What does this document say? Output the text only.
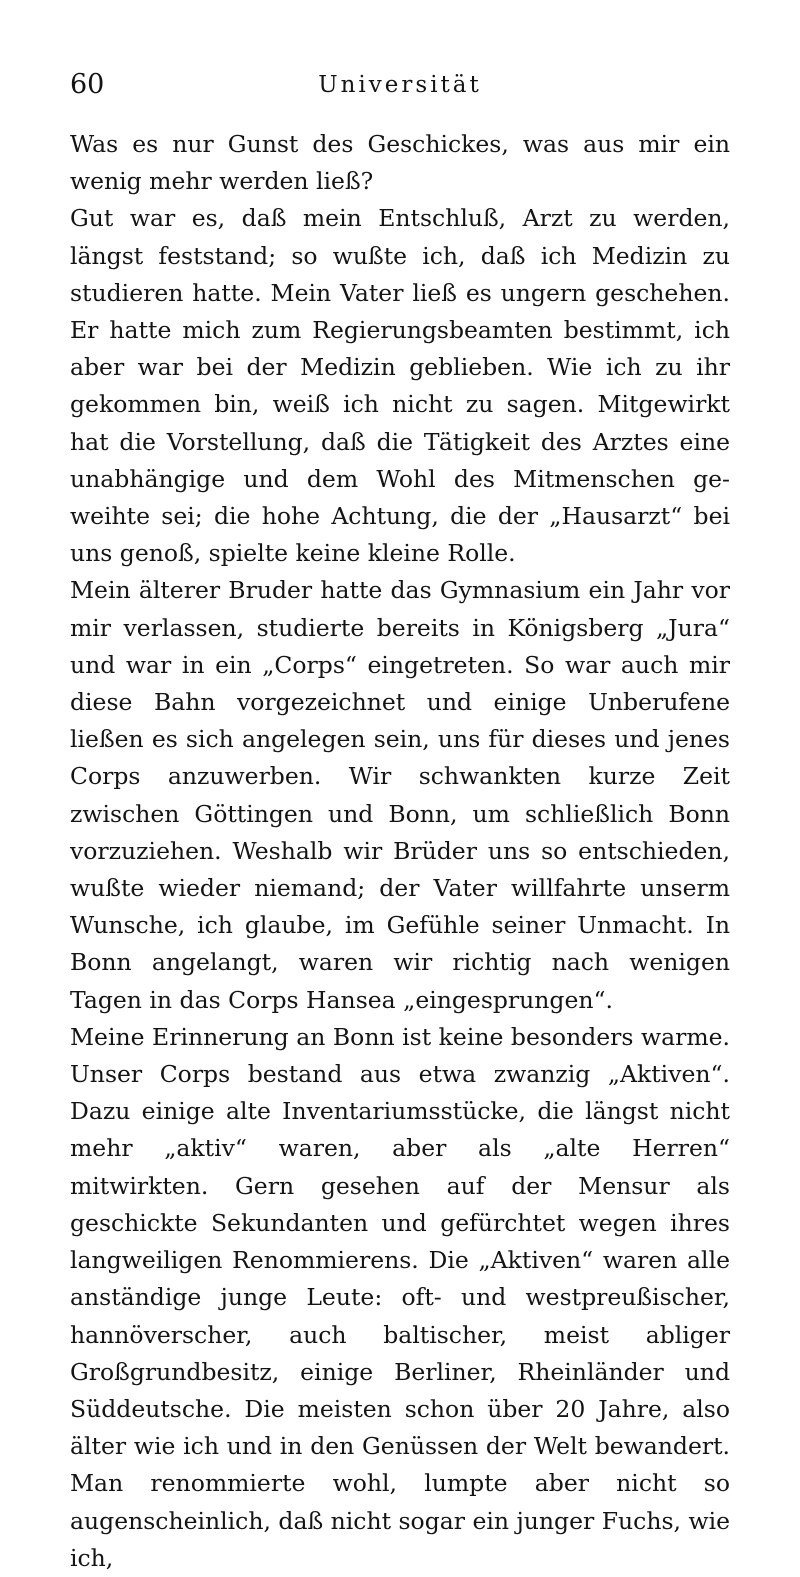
60	Universität

Was es nur Gunst des Geschickes, was aus mir ein wenig mehr werden ließ?

Gut war es, daß mein Entschluß, Arzt zu werden, längst feststand; so wußte ich, daß ich Medizin zu studieren hatte. Mein Vater ließ es ungern geschehen. Er hatte mich zum Regierungsbeamten bestimmt, ich aber war bei der Medizin geblieben. Wie ich zu ihr gekommen bin, weiß ich nicht zu sagen. Mitgewirkt hat die Vorstellung, daß die Tätigkeit des Arztes eine unabhängige und dem Wohl des Mitmenschen geweihte sei; die hohe Achtung, die der „Hausarzt“ bei uns genoß, spielte keine kleine Rolle.

Mein älterer Bruder hatte das Gymnasium ein Jahr vor mir verlassen, studierte bereits in Königsberg „Jura“ und war in ein „Corps“ eingetreten. So war auch mir diese Bahn vorgezeichnet und einige Unberufene ließen es sich angelegen sein, uns für dieses und jenes Corps anzuwerben. Wir schwankten kurze Zeit zwischen Göttingen und Bonn, um schließlich Bonn vorzuziehen. Weshalb wir Brüder uns so entschieden, wußte wieder niemand; der Vater willfahrte unserm Wunsche, ich glaube, im Gefühle seiner Unmacht. In Bonn angelangt, waren wir richtig nach wenigen Tagen in das Corps Hansea „eingesprungen“.

Meine Erinnerung an Bonn ist keine besonders warme. Unser Corps bestand aus etwa zwanzig „Aktiven“. Dazu einige alte Inventariumsstücke, die längst nicht mehr „aktiv“ waren, aber als „alte Herren“ mitwirkten. Gern gesehen auf der Mensur als geschickte Sekundanten und gefürchtet wegen ihres langweiligen Renommierens. Die „Aktiven“ waren alle anständige junge Leute: oft- und westpreußischer, hannöverscher, auch baltischer, meist abliger Großgrundbesitz, einige Berliner, Rheinländer und Süddeutsche. Die meisten schon über 20 Jahre, also älter wie ich und in den Genüssen der Welt bewandert. Man renommierte wohl, lumpte aber nicht so augenscheinlich, daß nicht sogar ein junger Fuchs, wie ich,
